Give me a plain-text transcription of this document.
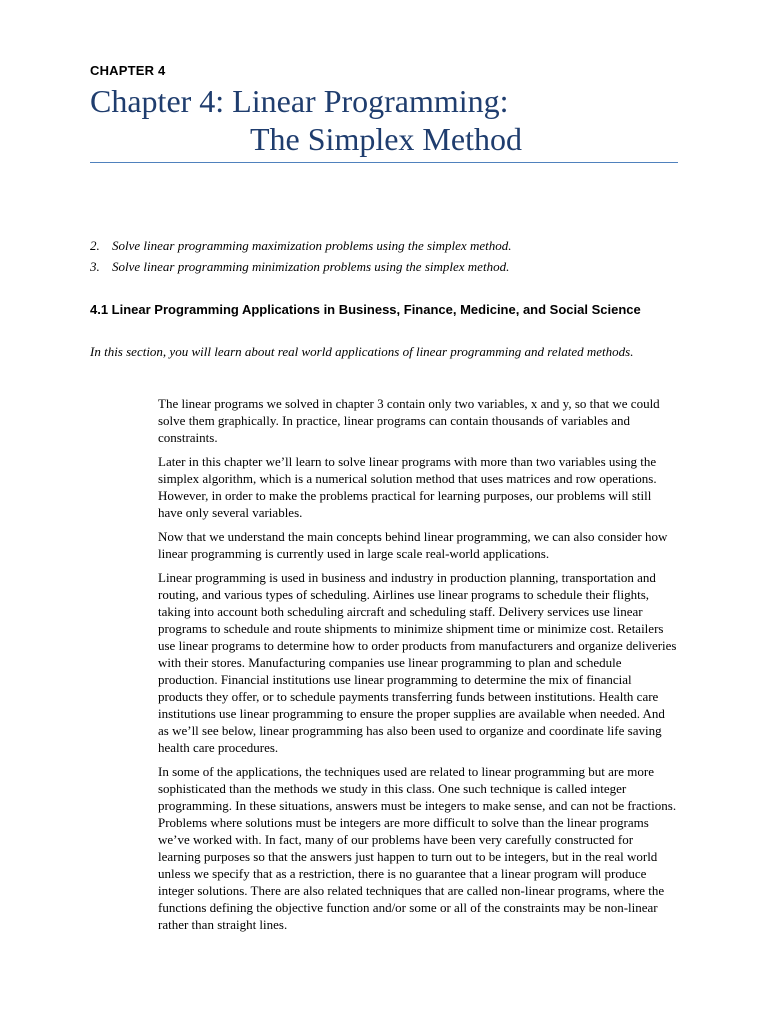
CHAPTER 4
Chapter 4: Linear Programming:
The Simplex Method
2. Solve linear programming maximization problems using the simplex method.
3. Solve linear programming minimization problems using the simplex method.
4.1 Linear Programming Applications in Business, Finance, Medicine, and Social Science
In this section, you will learn about real world applications of linear programming and related methods.

The linear programs we solved in chapter 3 contain only two variables, x and y, so that we could solve them graphically. In practice, linear programs can contain thousands of variables and constraints.

Later in this chapter we’ll learn to solve linear programs with more than two variables using the simplex algorithm, which is a numerical solution method that uses matrices and row operations. However, in order to make the problems practical for learning purposes, our problems will still have only several variables.

Now that we understand the main concepts behind linear programming, we can also consider how linear programming is currently used in large scale real-world applications.

Linear programming is used in business and industry in production planning, transportation and routing, and various types of scheduling. Airlines use linear programs to schedule their flights, taking into account both scheduling aircraft and scheduling staff. Delivery services use linear programs to schedule and route shipments to minimize shipment time or minimize cost. Retailers use linear programs to determine how to order products from manufacturers and organize deliveries with their stores. Manufacturing companies use linear programming to plan and schedule production. Financial institutions use linear programming to determine the mix of financial products they offer, or to schedule payments transferring funds between institutions. Health care institutions use linear programming to ensure the proper supplies are available when needed. And as we’ll see below, linear programming has also been used to organize and coordinate life saving health care procedures.

In some of the applications, the techniques used are related to linear programming but are more sophisticated than the methods we study in this class. One such technique is called integer programming. In these situations, answers must be integers to make sense, and can not be fractions. Problems where solutions must be integers are more difficult to solve than the linear programs we’ve worked with. In fact, many of our problems have been very carefully constructed for learning purposes so that the answers just happen to turn out to be integers, but in the real world unless we specify that as a restriction, there is no guarantee that a linear program will produce integer solutions. There are also related techniques that are called non-linear programs, where the functions defining the objective function and/or some or all of the constraints may be non-linear rather than straight lines.
